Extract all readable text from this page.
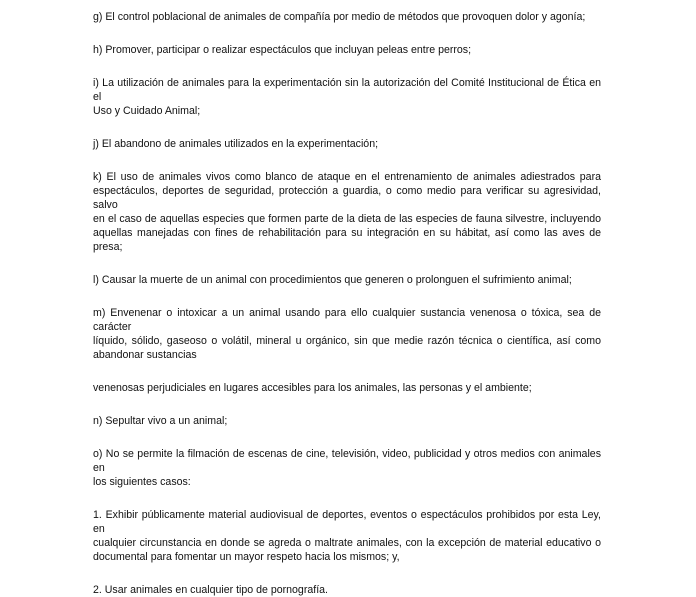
g) El control poblacional de animales de compañía por medio de métodos que provoquen dolor y agonía;

h) Promover, participar o realizar espectáculos que incluyan peleas entre perros;

i) La utilización de animales para la experimentación sin la autorización del Comité Institucional de Ética en el
Uso y Cuidado Animal;

j) El abandono de animales utilizados en la experimentación;

k) El uso de animales vivos como blanco de ataque en el entrenamiento de animales adiestrados para
espectáculos, deportes de seguridad, protección a guardia, o como medio para verificar su agresividad, salvo
en el caso de aquellas especies que formen parte de la dieta de las especies de fauna silvestre, incluyendo
aquellas manejadas con fines de rehabilitación para su integración en su hábitat, así como las aves de presa;

l) Causar la muerte de un animal con procedimientos que generen o prolonguen el sufrimiento animal;

m) Envenenar o intoxicar a un animal usando para ello cualquier sustancia venenosa o tóxica, sea de carácter
líquido, sólido, gaseoso o volátil, mineral u orgánico, sin que medie razón técnica o científica, así como
abandonar sustancias

venenosas perjudiciales en lugares accesibles para los animales, las personas y el ambiente;

n) Sepultar vivo a un animal;

o) No se permite la filmación de escenas de cine, televisión, video, publicidad y otros medios con animales en
los siguientes casos:

1. Exhibir públicamente material audiovisual de deportes, eventos o espectáculos prohibidos por esta Ley, en
cualquier circunstancia en donde se agreda o maltrate animales, con la excepción de material educativo o
documental para fomentar un mayor respeto hacia los mismos; y,

2. Usar animales en cualquier tipo de pornografía.
